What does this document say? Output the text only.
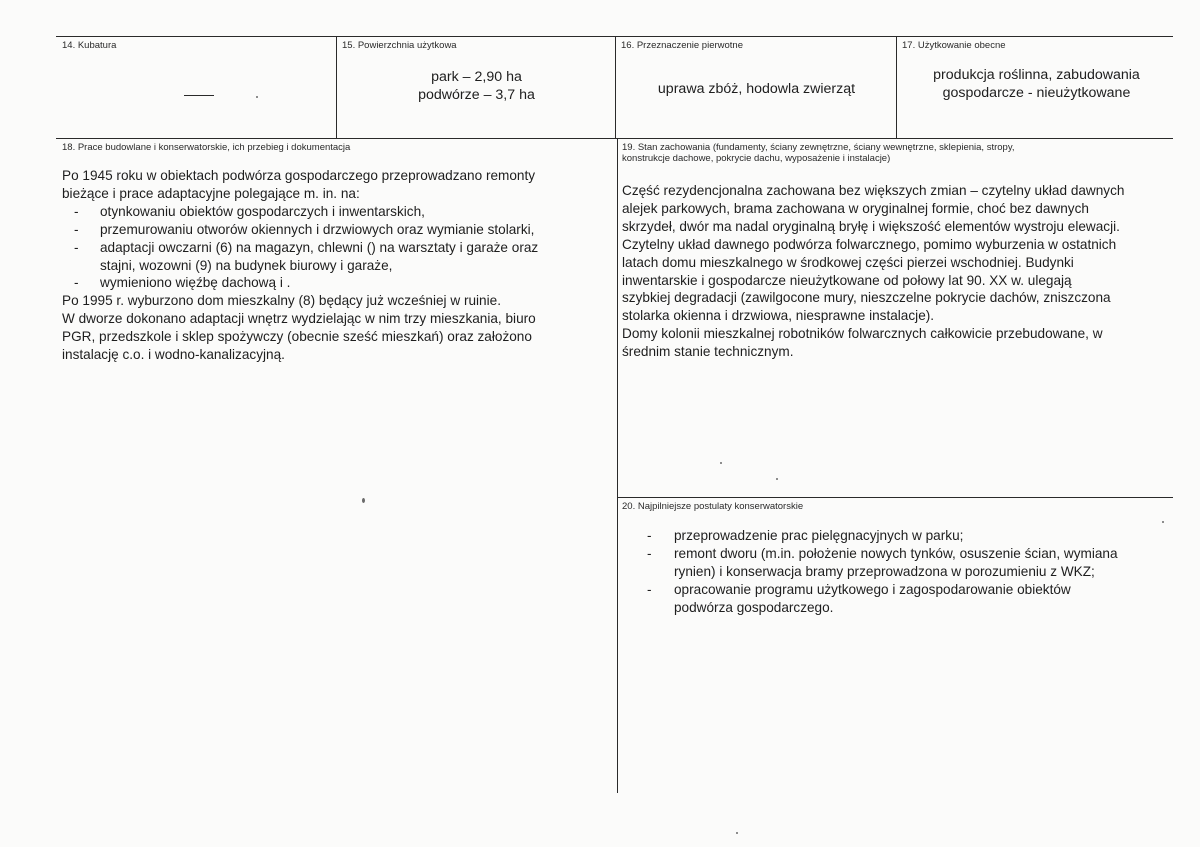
14. Kubatura	15. Powierzchnia użytkowa
park – 2,90 ha
podwórze – 3,7 ha
16. Przeznaczenie pierwotne
uprawa zbóż, hodowla zwierząt
17. Użytkowanie obecne
produkcja roślinna, zabudowania
gospodarcze - nieużytkowane
18. Prace budowlane i konserwatorskie, ich przebieg i dokumentacja

Po 1945 roku w obiektach podwórza gospodarczego przeprowadzano remonty

bieżące i prace adaptacyjne polegające m. in. na:

- otynkowaniu obiektów gospodarczych i inwentarskich,
- przemurowaniu otworów okiennych i drzwiowych oraz wymianie stolarki,
- adaptacji owczarni (6) na magazyn, chlewni () na warsztaty i garaże oraz
stajni, wozowni (9) na budynek biurowy i garaże,
- wymieniono więźbę dachową i .

Po 1995 r. wyburzono dom mieszkalny (8) będący już wcześniej w ruinie.

W dworze dokonano adaptacji wnętrz wydzielając w nim trzy mieszkania, biuro

PGR, przedszkole i sklep spożywczy (obecnie sześć mieszkań) oraz założono

instalację c.o. i wodno-kanalizacyjną.

19. Stan zachowania (fundamenty, ściany zewnętrzne, ściany wewnętrzne, sklepienia, stropy,
konstrukcje dachowe, pokrycie dachu, wyposażenie i instalacje)

Część rezydencjonalna zachowana bez większych zmian – czytelny układ dawnych

alejek parkowych, brama zachowana w oryginalnej formie, choć bez dawnych

skrzydeł, dwór ma nadal oryginalną bryłę i większość elementów wystroju elewacji.

Czytelny układ dawnego podwórza folwarcznego, pomimo wyburzenia w ostatnich

latach domu mieszkalnego w środkowej części pierzei wschodniej. Budynki

inwentarskie i gospodarcze nieużytkowane od połowy lat 90. XX w. ulegają

szybkiej degradacji (zawilgocone mury, nieszczelne pokrycie dachów, zniszczona

stolarka okienna i drzwiowa, niesprawne instalacje).

Domy kolonii mieszkalnej robotników folwarcznych całkowicie przebudowane, w

średnim stanie technicznym.

20. Najpilniejsze postulaty konserwatorskie
- przeprowadzenie prac pielęgnacyjnych w parku;
- remont dworu (m.in. położenie nowych tynków, osuszenie ścian, wymiana
rynien) i konserwacja bramy przeprowadzona w porozumieniu z WKZ;
- opracowanie programu użytkowego i zagospodarowanie obiektów
podwórza gospodarczego.
